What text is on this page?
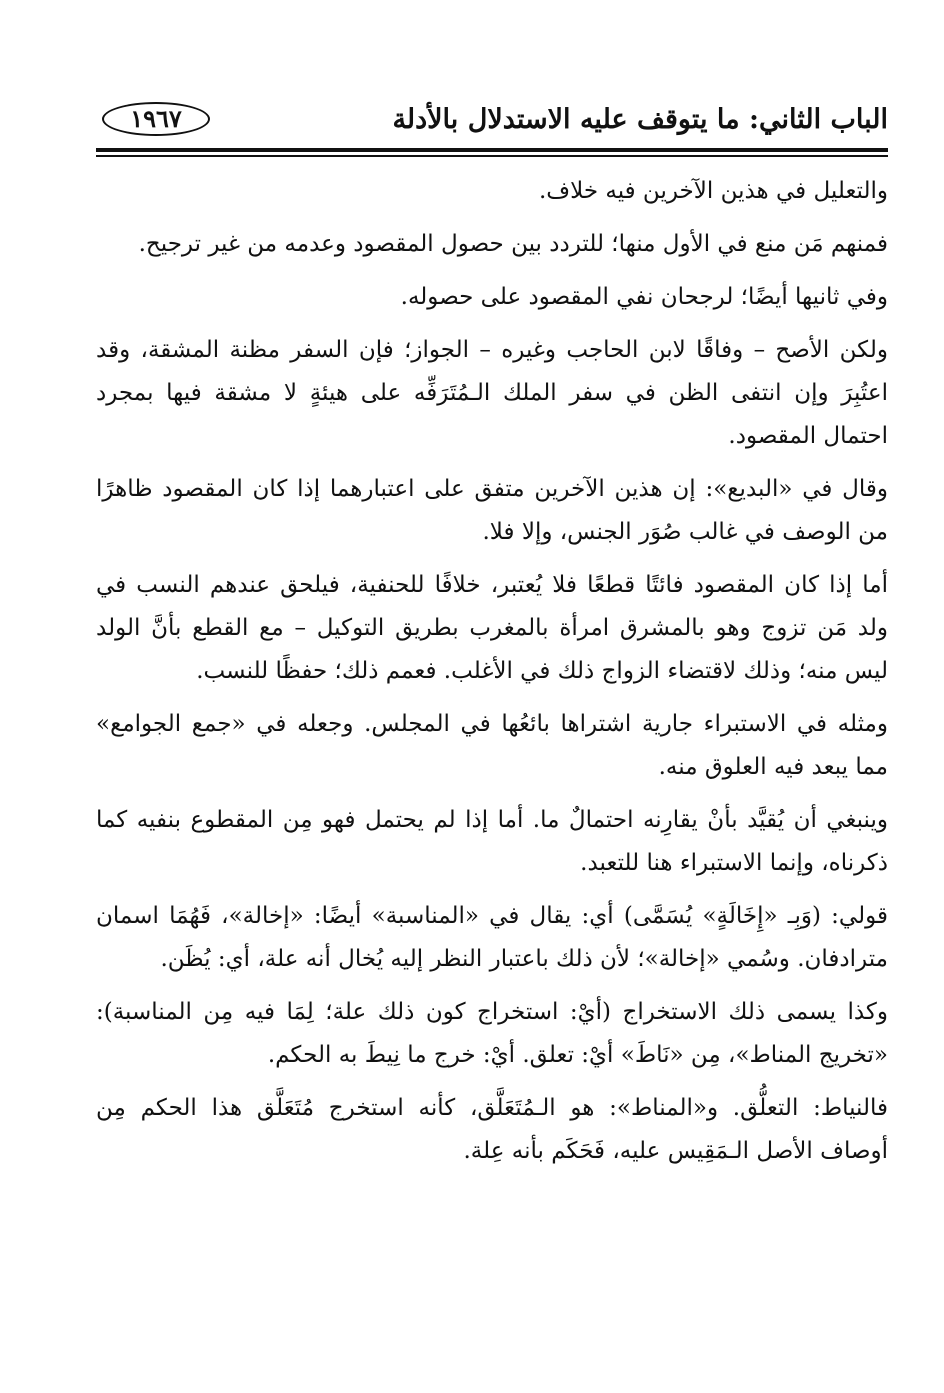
الباب الثاني: ما يتوقف عليه الاستدلال بالأدلة
١٩٦٧

والتعليل في هذين الآخرين فيه خلاف.

فمنهم مَن منع في الأول منها؛ للتردد بين حصول المقصود وعدمه من غير ترجيح.

وفي ثانيها أيضًا؛ لرجحان نفي المقصود على حصوله.

ولكن الأصح – وفاقًا لابن الحاجب وغيره – الجواز؛ فإن السفر مظنة المشقة، وقد اعتُبِرَ وإن انتفى الظن في سفر الملك الـمُتَرَفِّه على هيئةٍ لا مشقة فيها بمجرد احتمال المقصود.

وقال في «البديع»: إن هذين الآخرين متفق على اعتبارهما إذا كان المقصود ظاهرًا من الوصف في غالب صُوَر الجنس، وإلا فلا.

أما إذا كان المقصود فائتًا قطعًا فلا يُعتبر، خلافًا للحنفية، فيلحق عندهم النسب في ولد مَن تزوج وهو بالمشرق امرأة بالمغرب بطريق التوكيل – مع القطع بأنَّ الولد ليس منه؛ وذلك لاقتضاء الزواج ذلك في الأغلب. فعمم ذلك؛ حفظًا للنسب.

ومثله في الاستبراء جارية اشتراها بائعُها في المجلس. وجعله في «جمع الجوامع» مما يبعد فيه العلوق منه.

وينبغي أن يُقيَّد بأنْ يقارِنه احتمالٌ ما. أما إذا لم يحتمل فهو مِن المقطوع بنفيه كما ذكرناه، وإنما الاستبراء هنا للتعبد.

قولي: (وَبِـ «إِخَالَةٍ» يُسَمَّى) أي: يقال في «المناسبة» أيضًا: «إخالة»، فَهُمَا اسمان مترادفان. وسُمي «إخالة»؛ لأن ذلك باعتبار النظر إليه يُخال أنه علة، أي: يُظَن.

وكذا يسمى ذلك الاستخراج (أيْ: استخراج كون ذلك علة؛ لِمَا فيه مِن المناسبة): «تخريج المناط»، مِن «نَاطَ» أيْ: تعلق. أيْ: خرج ما نِيطَ به الحكم.

فالنياط: التعلُّق. و«المناط»: هو الـمُتَعَلَّق، كأنه استخرج مُتَعَلَّق هذا الحكم مِن أوصاف الأصل الـمَقِيس عليه، فَحَكَم بأنه عِلة.
